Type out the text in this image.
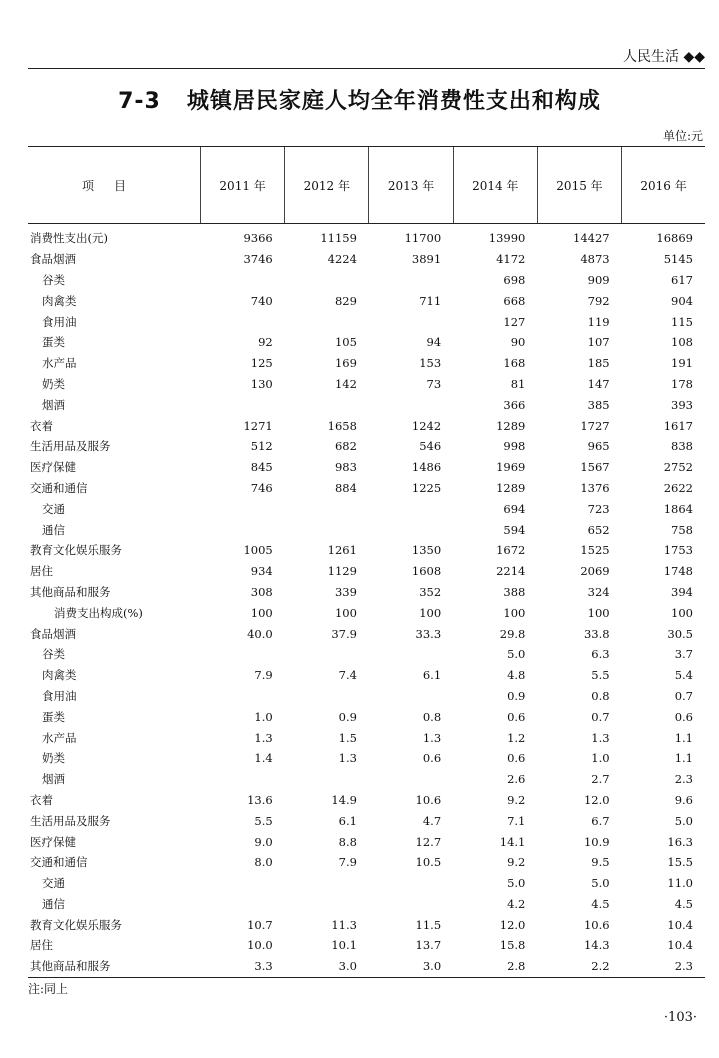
人民生活 ◆◆
7-3 城镇居民家庭人均全年消费性支出和构成
单位:元
项目	2011 年	2012 年	2013 年	2014 年	2015 年	2016 年
消费性支出(元)	9366	11159	11700	13990	14427	16869
食品烟酒	3746	4224	3891	4172	4873	5145
谷类				698	909	617
肉禽类	740	829	711	668	792	904
食用油				127	119	115
蛋类	92	105	94	90	107	108
水产品	125	169	153	168	185	191
奶类	130	142	73	81	147	178
烟酒				366	385	393
衣着	1271	1658	1242	1289	1727	1617
生活用品及服务	512	682	546	998	965	838
医疗保健	845	983	1486	1969	1567	2752
交通和通信	746	884	1225	1289	1376	2622
交通				694	723	1864
通信				594	652	758
教育文化娱乐服务	1005	1261	1350	1672	1525	1753
居住	934	1129	1608	2214	2069	1748
其他商品和服务	308	339	352	388	324	394
消费支出构成(%)	100	100	100	100	100	100
食品烟酒	40.0	37.9	33.3	29.8	33.8	30.5
谷类				5.0	6.3	3.7
肉禽类	7.9	7.4	6.1	4.8	5.5	5.4
食用油				0.9	0.8	0.7
蛋类	1.0	0.9	0.8	0.6	0.7	0.6
水产品	1.3	1.5	1.3	1.2	1.3	1.1
奶类	1.4	1.3	0.6	0.6	1.0	1.1
烟酒				2.6	2.7	2.3
衣着	13.6	14.9	10.6	9.2	12.0	9.6
生活用品及服务	5.5	6.1	4.7	7.1	6.7	5.0
医疗保健	9.0	8.8	12.7	14.1	10.9	16.3
交通和通信	8.0	7.9	10.5	9.2	9.5	15.5
交通				5.0	5.0	11.0
通信				4.2	4.5	4.5
教育文化娱乐服务	10.7	11.3	11.5	12.0	10.6	10.4
居住	10.0	10.1	13.7	15.8	14.3	10.4
其他商品和服务	3.3	3.0	3.0	2.8	2.2	2.3
注:同上
·103·
